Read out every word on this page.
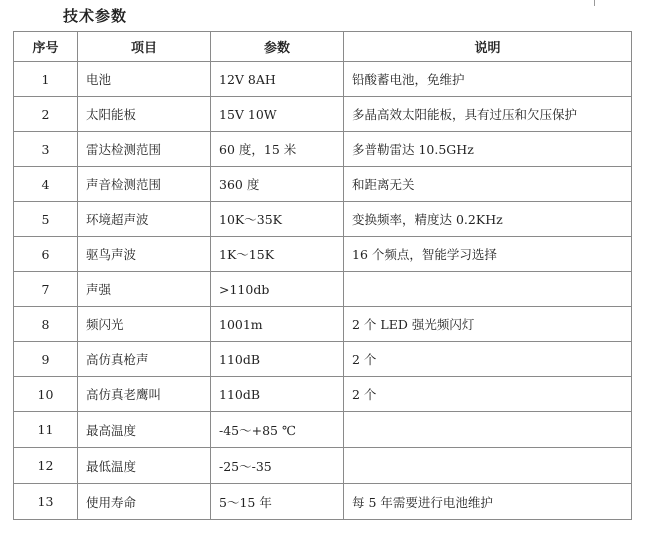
技术参数
序号	项目	参数	说明
1	电池	12V 8AH	铅酸蓄电池，免维护
2	太阳能板	15V 10W	多晶高效太阳能板，具有过压和欠压保护
3	雷达检测范围	60 度，15 米	多普勒雷达 10.5GHz
4	声音检测范围	360 度	和距离无关
5	环境超声波	10K～35K	变换频率，精度达 0.2KHz
6	驱鸟声波	1K～15K	16 个频点，智能学习选择
7	声强	>110db	
8	频闪光	1001m	2 个 LED 强光频闪灯
9	高仿真枪声	110dB	2 个
10	高仿真老鹰叫	110dB	2 个
11	最高温度	-45～+85 ℃	
12	最低温度	-25～-35	
13	使用寿命	5～15 年	每 5 年需要进行电池维护
